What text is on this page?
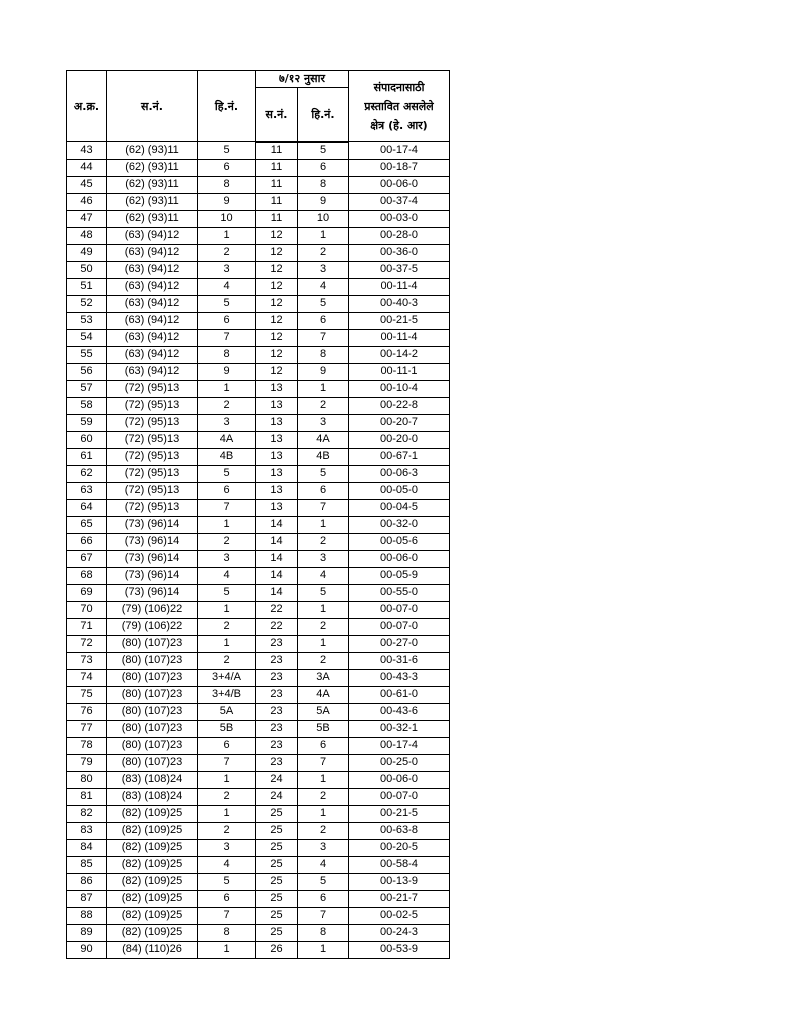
अ.क्र.	स.नं.	हि.नं.	७/१२ नुसार		संपादनासाठी
प्रस्तावित असलेले
क्षेत्र (हे. आर)

			स.नं.	हि.नं.	
43	(62) (93)11	5	11	5	00-17-4
44	(62) (93)11	6	11	6	00-18-7
45	(62) (93)11	8	11	8	00-06-0
46	(62) (93)11	9	11	9	00-37-4
47	(62) (93)11	10	11	10	00-03-0
48	(63) (94)12	1	12	1	00-28-0
49	(63) (94)12	2	12	2	00-36-0
50	(63) (94)12	3	12	3	00-37-5
51	(63) (94)12	4	12	4	00-11-4
52	(63) (94)12	5	12	5	00-40-3
53	(63) (94)12	6	12	6	00-21-5
54	(63) (94)12	7	12	7	00-11-4
55	(63) (94)12	8	12	8	00-14-2
56	(63) (94)12	9	12	9	00-11-1
57	(72) (95)13	1	13	1	00-10-4
58	(72) (95)13	2	13	2	00-22-8
59	(72) (95)13	3	13	3	00-20-7
60	(72) (95)13	4A	13	4A	00-20-0
61	(72) (95)13	4B	13	4B	00-67-1
62	(72) (95)13	5	13	5	00-06-3
63	(72) (95)13	6	13	6	00-05-0
64	(72) (95)13	7	13	7	00-04-5
65	(73) (96)14	1	14	1	00-32-0
66	(73) (96)14	2	14	2	00-05-6
67	(73) (96)14	3	14	3	00-06-0
68	(73) (96)14	4	14	4	00-05-9
69	(73) (96)14	5	14	5	00-55-0
70	(79) (106)22	1	22	1	00-07-0
71	(79) (106)22	2	22	2	00-07-0
72	(80) (107)23	1	23	1	00-27-0
73	(80) (107)23	2	23	2	00-31-6
74	(80) (107)23	3+4/A	23	3A	00-43-3
75	(80) (107)23	3+4/B	23	4A	00-61-0
76	(80) (107)23	5A	23	5A	00-43-6
77	(80) (107)23	5B	23	5B	00-32-1
78	(80) (107)23	6	23	6	00-17-4
79	(80) (107)23	7	23	7	00-25-0
80	(83) (108)24	1	24	1	00-06-0
81	(83) (108)24	2	24	2	00-07-0
82	(82) (109)25	1	25	1	00-21-5
83	(82) (109)25	2	25	2	00-63-8
84	(82) (109)25	3	25	3	00-20-5
85	(82) (109)25	4	25	4	00-58-4
86	(82) (109)25	5	25	5	00-13-9
87	(82) (109)25	6	25	6	00-21-7
88	(82) (109)25	7	25	7	00-02-5
89	(82) (109)25	8	25	8	00-24-3
90	(84) (110)26	1	26	1	00-53-9
